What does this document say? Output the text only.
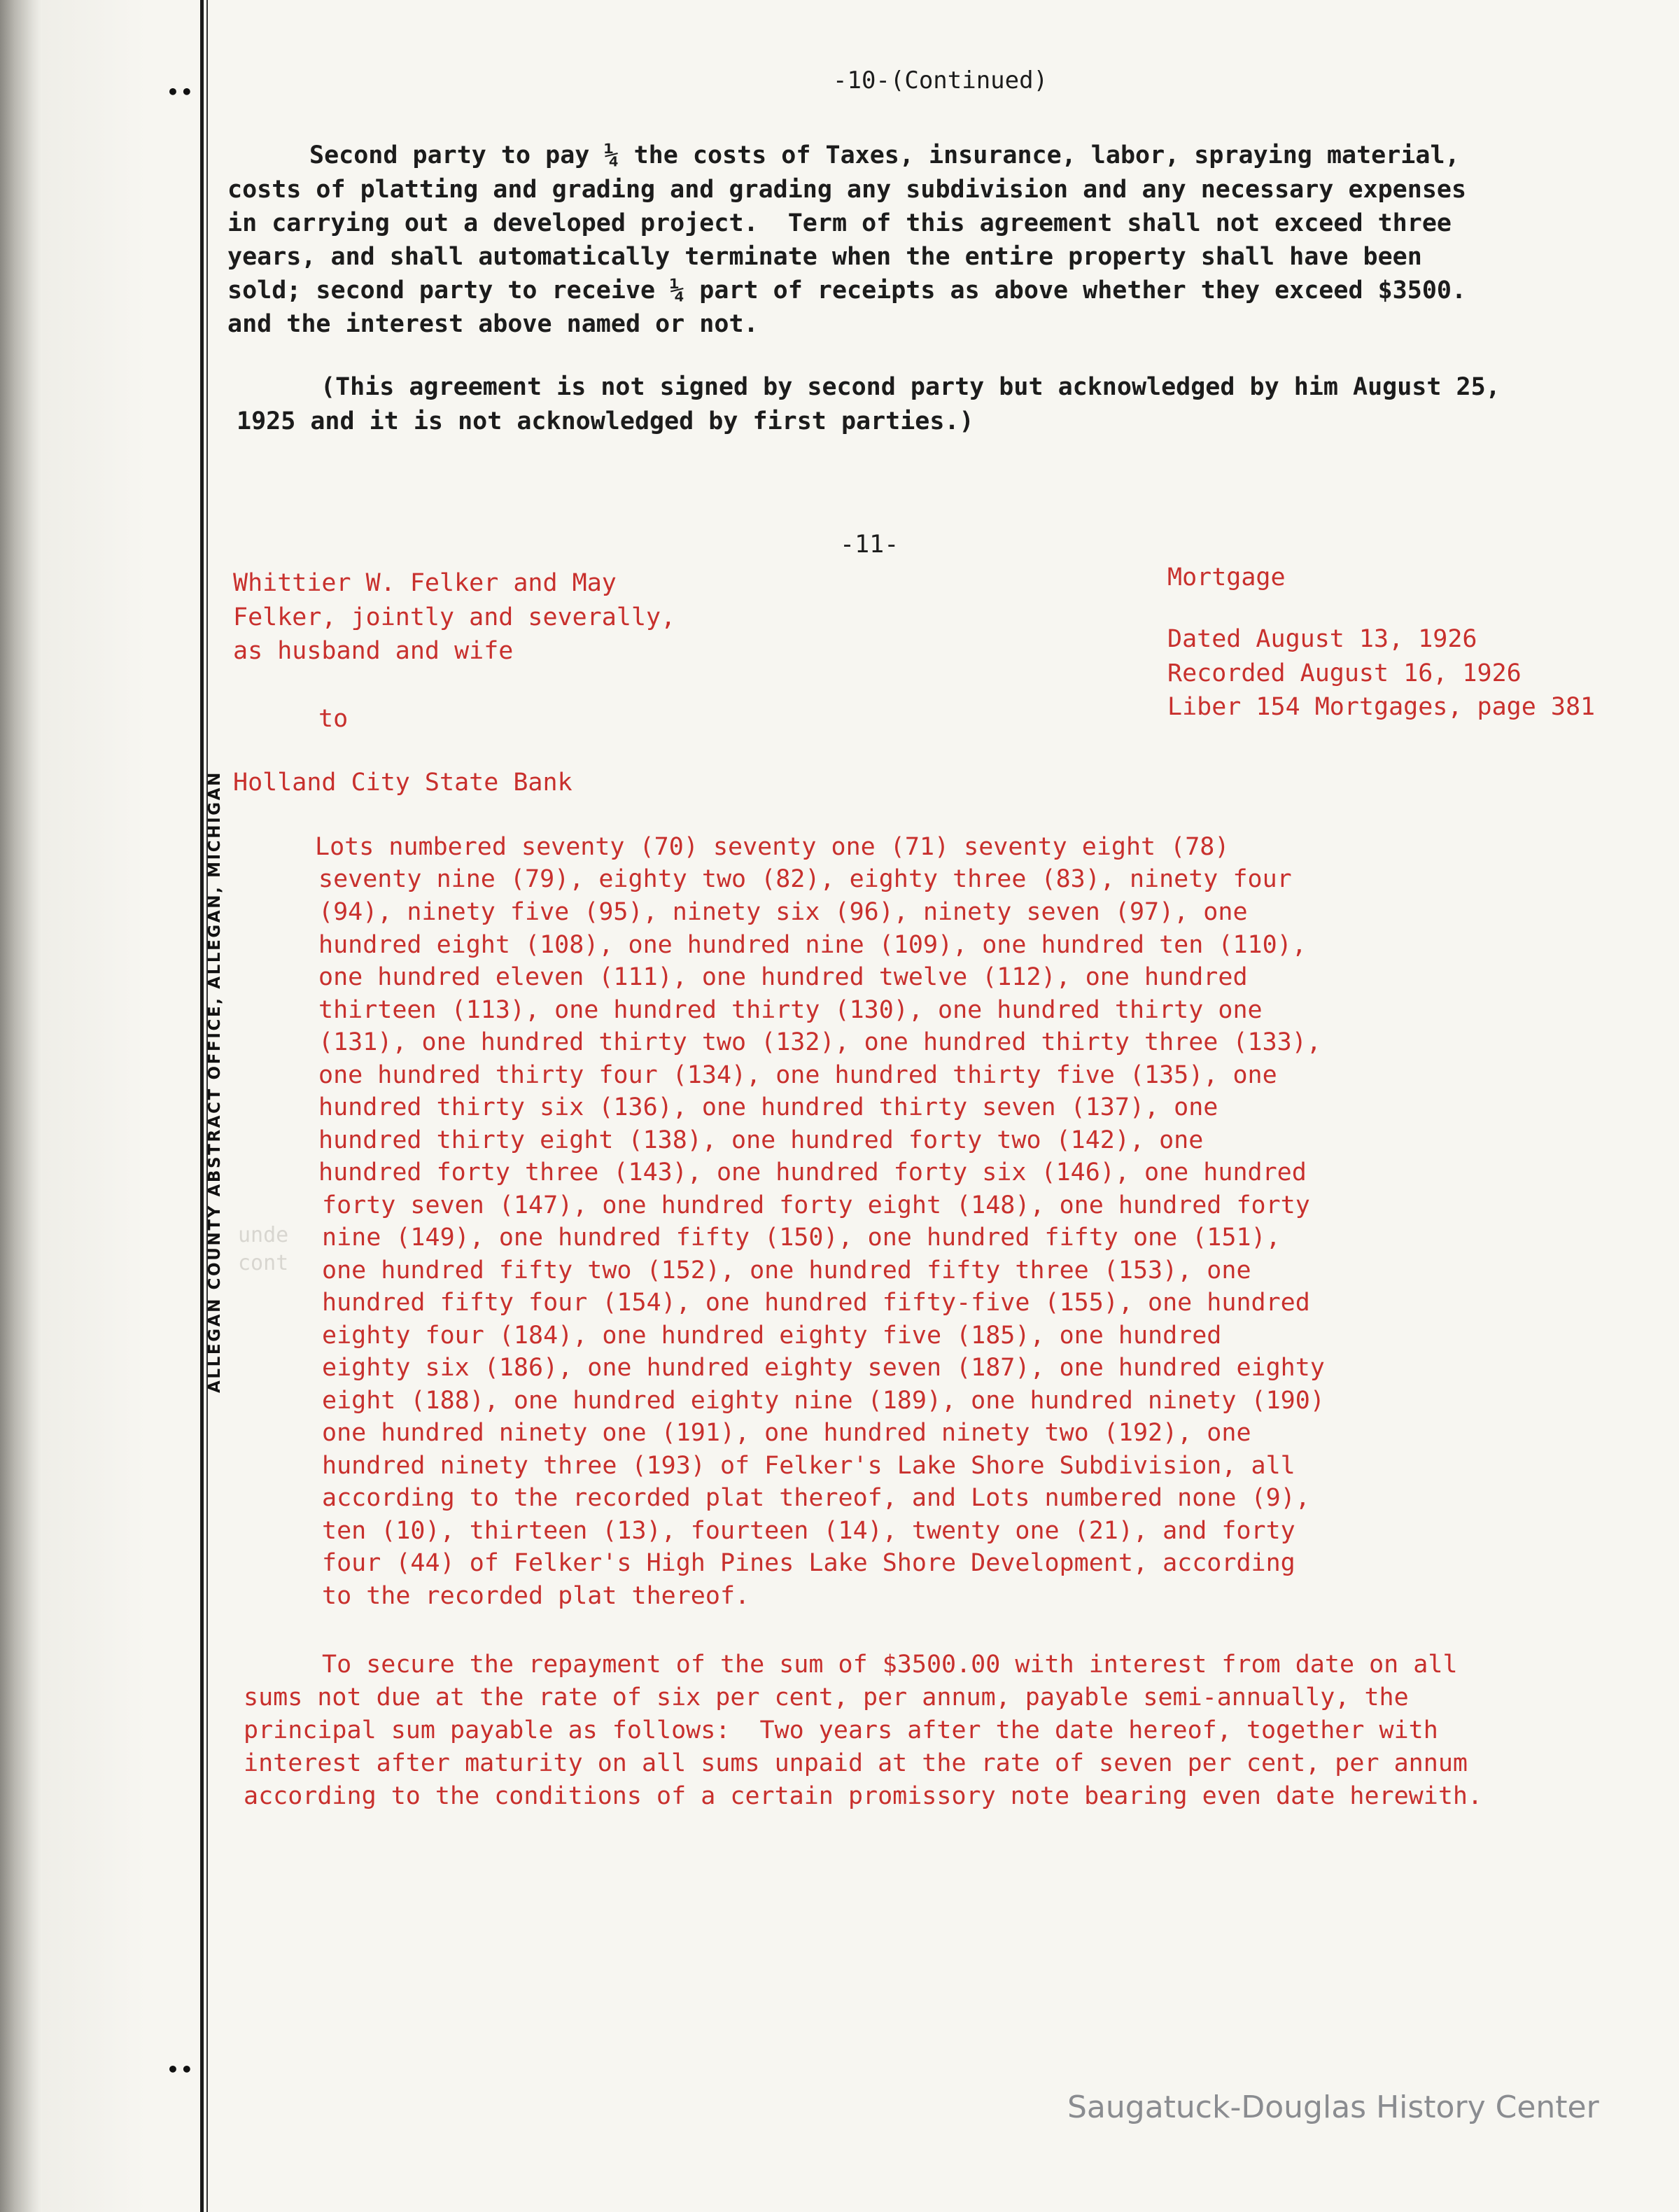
••
••
ALLEGAN COUNTY ABSTRACT OFFICE, ALLEGAN, MICHIGAN
-10-(Continued)
Second party to pay ¼ the costs of Taxes, insurance, labor, spraying material,
costs of platting and grading and grading any subdivision and any necessary expenses
in carrying out a developed project.  Term of this agreement shall not exceed three
years, and shall automatically terminate when the entire property shall have been
sold; second party to receive ¼ part of receipts as above whether they exceed $3500.
and the interest above named or not.
(This agreement is not signed by second party but acknowledged by him August 25,
1925 and it is not acknowledged by first parties.)
-11-
Whittier W. Felker and May
Felker, jointly and severally,
as husband and wife
to
Holland City State Bank
Mortgage
Dated August 13, 1926
Recorded August 16, 1926
Liber 154 Mortgages, page 381
unde
cont
Lots numbered seventy (70) seventy one (71) seventy eight (78)
seventy nine (79), eighty two (82), eighty three (83), ninety four
(94), ninety five (95), ninety six (96), ninety seven (97), one
hundred eight (108), one hundred nine (109), one hundred ten (110),
one hundred eleven (111), one hundred twelve (112), one hundred
thirteen (113), one hundred thirty (130), one hundred thirty one
(131), one hundred thirty two (132), one hundred thirty three (133),
one hundred thirty four (134), one hundred thirty five (135), one
hundred thirty six (136), one hundred thirty seven (137), one
hundred thirty eight (138), one hundred forty two (142), one
hundred forty three (143), one hundred forty six (146), one hundred
forty seven (147), one hundred forty eight (148), one hundred forty
nine (149), one hundred fifty (150), one hundred fifty one (151),
one hundred fifty two (152), one hundred fifty three (153), one
hundred fifty four (154), one hundred fifty-five (155), one hundred
eighty four (184), one hundred eighty five (185), one hundred
eighty six (186), one hundred eighty seven (187), one hundred eighty
eight (188), one hundred eighty nine (189), one hundred ninety (190)
one hundred ninety one (191), one hundred ninety two (192), one
hundred ninety three (193) of Felker's Lake Shore Subdivision, all
according to the recorded plat thereof, and Lots numbered none (9),
ten (10), thirteen (13), fourteen (14), twenty one (21), and forty
four (44) of Felker's High Pines Lake Shore Development, according
to the recorded plat thereof.
To secure the repayment of the sum of $3500.00 with interest from date on all
sums not due at the rate of six per cent, per annum, payable semi-annually, the
principal sum payable as follows:  Two years after the date hereof, together with
interest after maturity on all sums unpaid at the rate of seven per cent, per annum
according to the conditions of a certain promissory note bearing even date herewith.
Saugatuck-Douglas History Center
